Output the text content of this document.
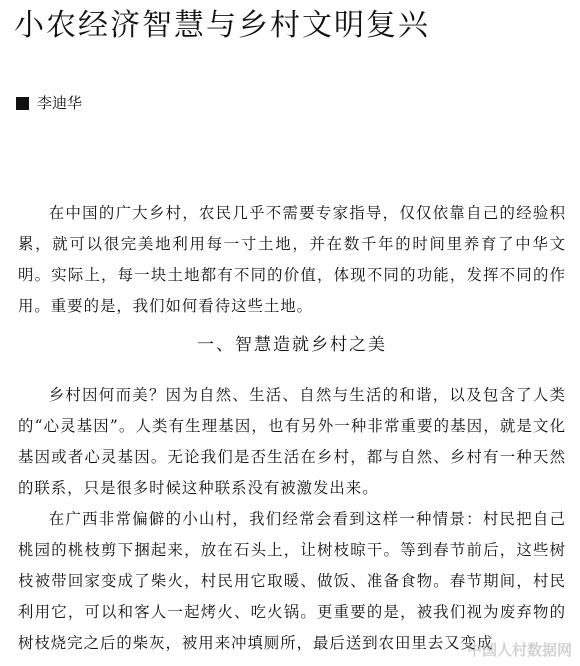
小农经济智慧与乡村文明复兴
李迪华

在中国的广大乡村，农民几乎不需要专家指导，仅仅依靠自己的经验积累，就可以很完美地利用每一寸土地，并在数千年的时间里养育了中华文明。实际上，每一块土地都有不同的价值，体现不同的功能，发挥不同的作用。重要的是，我们如何看待这些土地。

一、智慧造就乡村之美

乡村因何而美？因为自然、生活、自然与生活的和谐，以及包含了人类的“心灵基因”。人类有生理基因，也有另外一种非常重要的基因，就是文化基因或者心灵基因。无论我们是否生活在乡村，都与自然、乡村有一种天然的联系，只是很多时候这种联系没有被激发出来。

在广西非常偏僻的小山村，我们经常会看到这样一种情景：村民把自己桃园的桃枝剪下捆起来，放在石头上，让树枝晾干。等到春节前后，这些树枝被带回家变成了柴火，村民用它取暖、做饭、准备食物。春节期间，村民利用它，可以和客人一起烤火、吃火锅。更重要的是，被我们视为废弃物的树枝烧完之后的柴灰，被用来冲填厕所，最后送到农田里去又变成

中国人村数据网
